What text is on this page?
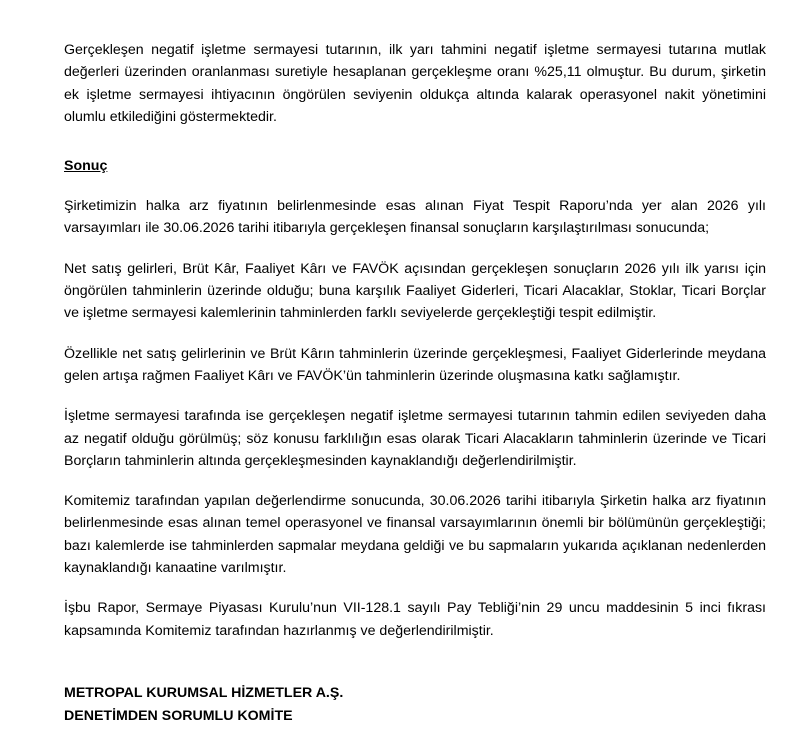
Gerçekleşen negatif işletme sermayesi tutarının, ilk yarı tahmini negatif işletme sermayesi tutarına mutlak değerleri üzerinden oranlanması suretiyle hesaplanan gerçekleşme oranı %25,11 olmuştur. Bu durum, şirketin ek işletme sermayesi ihtiyacının öngörülen seviyenin oldukça altında kalarak operasyonel nakit yönetimini olumlu etkilediğini göstermektedir.

Sonuç

Şirketimizin halka arz fiyatının belirlenmesinde esas alınan Fiyat Tespit Raporu’nda yer alan 2026 yılı varsayımları ile 30.06.2026 tarihi itibarıyla gerçekleşen finansal sonuçların karşılaştırılması sonucunda;

Net satış gelirleri, Brüt Kâr, Faaliyet Kârı ve FAVÖK açısından gerçekleşen sonuçların 2026 yılı ilk yarısı için öngörülen tahminlerin üzerinde olduğu; buna karşılık Faaliyet Giderleri, Ticari Alacaklar, Stoklar, Ticari Borçlar ve işletme sermayesi kalemlerinin tahminlerden farklı seviyelerde gerçekleştiği tespit edilmiştir.

Özellikle net satış gelirlerinin ve Brüt Kârın tahminlerin üzerinde gerçekleşmesi, Faaliyet Giderlerinde meydana gelen artışa rağmen Faaliyet Kârı ve FAVÖK’ün tahminlerin üzerinde oluşmasına katkı sağlamıştır.

İşletme sermayesi tarafında ise gerçekleşen negatif işletme sermayesi tutarının tahmin edilen seviyeden daha az negatif olduğu görülmüş; söz konusu farklılığın esas olarak Ticari Alacakların tahminlerin üzerinde ve Ticari Borçların tahminlerin altında gerçekleşmesinden kaynaklandığı değerlendirilmiştir.

Komitemiz tarafından yapılan değerlendirme sonucunda, 30.06.2026 tarihi itibarıyla Şirketin halka arz fiyatının belirlenmesinde esas alınan temel operasyonel ve finansal varsayımlarının önemli bir bölümünün gerçekleştiği; bazı kalemlerde ise tahminlerden sapmalar meydana geldiği ve bu sapmaların yukarıda açıklanan nedenlerden kaynaklandığı kanaatine varılmıştır.

İşbu Rapor, Sermaye Piyasası Kurulu’nun VII-128.1 sayılı Pay Tebliği’nin 29 uncu maddesinin 5 inci fıkrası kapsamında Komitemiz tarafından hazırlanmış ve değerlendirilmiştir.

METROPAL KURUMSAL HİZMETLER A.Ş.

DENETİMDEN SORUMLU KOMİTE
